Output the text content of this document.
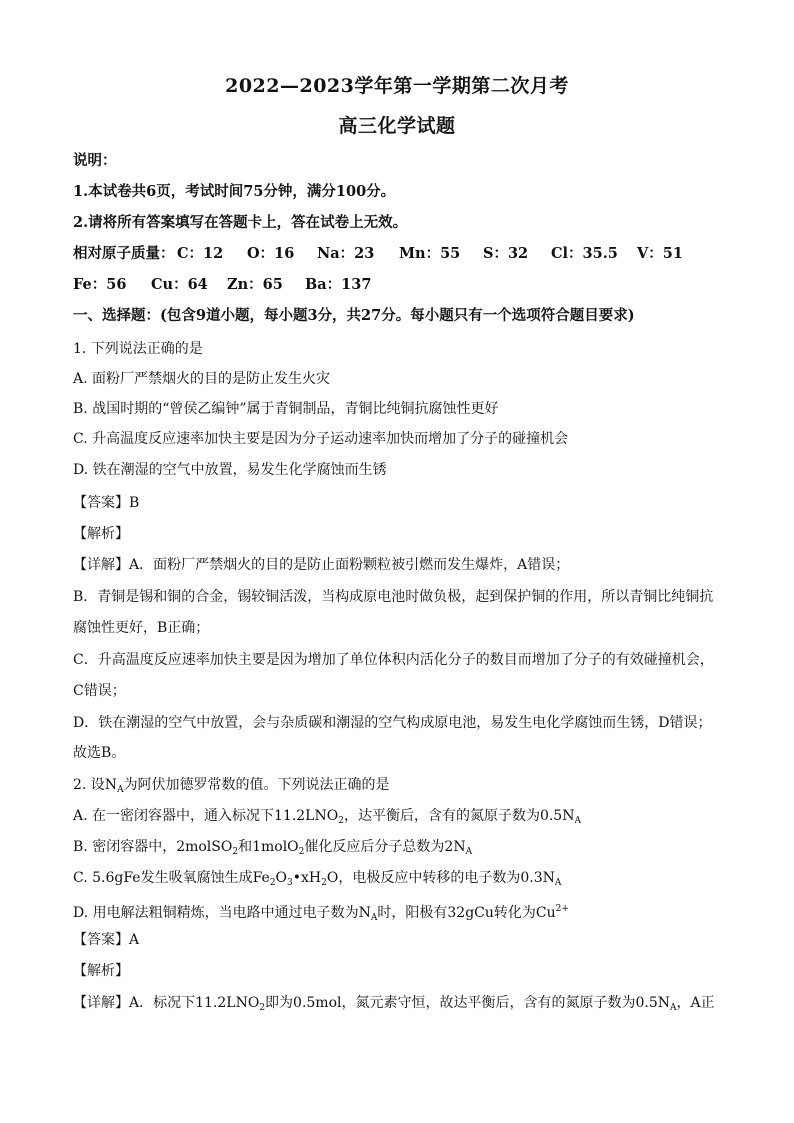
2022—2023学年第一学期第二次月考
高三化学试题
说明：
1.本试卷共6页，考试时间75分钟，满分100分。
2.请将所有答案填写在答题卡上，答在试卷上无效。
相对原子质量： C：12 O：16 Na：23 Mn：55 S：32 Cl：35.5 V：51
Fe：56 Cu：64 Zn：65 Ba：137
一、选择题：(包含9道小题，每小题3分，共27分。每小题只有一个选项符合题目要求)
1. 下列说法正确的是
A. 面粉厂严禁烟火的目的是防止发生火灾
B. 战国时期的“曾侯乙编钟”属于青铜制品，青铜比纯铜抗腐蚀性更好
C. 升高温度反应速率加快主要是因为分子运动速率加快而增加了分子的碰撞机会
D. 铁在潮湿的空气中放置，易发生化学腐蚀而生锈
【答案】B
【解析】
【详解】A．面粉厂严禁烟火的目的是防止面粉颗粒被引燃而发生爆炸，A错误；
B．青铜是锡和铜的合金，锡较铜活泼，当构成原电池时做负极，起到保护铜的作用，所以青铜比纯铜抗
腐蚀性更好，B正确；
C．升高温度反应速率加快主要是因为增加了单位体积内活化分子的数目而增加了分子的有效碰撞机会，
C错误；
D．铁在潮湿的空气中放置，会与杂质碳和潮湿的空气构成原电池，易发生电化学腐蚀而生锈，D错误；
故选B。
2. 设$N_A$为阿伏加德罗常数的值。下列说法正确的是
A. 在一密闭容器中，通入标况下$11.2LNO_2$，达平衡后，含有的氮原子数为$0.5N_A$
B. 密闭容器中，2molSO$_2$和1molO$_2$催化反应后分子总数为$2N_A$
C. 5.6gFe发生吸氧腐蚀生成$Fe_2O_3•xH_2O$，电极反应中转移的电子数为$0.3N_A$
D. 用电解法粗铜精炼，当电路中通过电子数为$N_A$时，阳极有32gCu转化为$Cu^{2+}$
【答案】A
【解析】
【详解】A．标况下$11.2LNO_2$即为0.5mol，氮元素守恒，故达平衡后，含有的氮原子数为$0.5N_A$，A正
